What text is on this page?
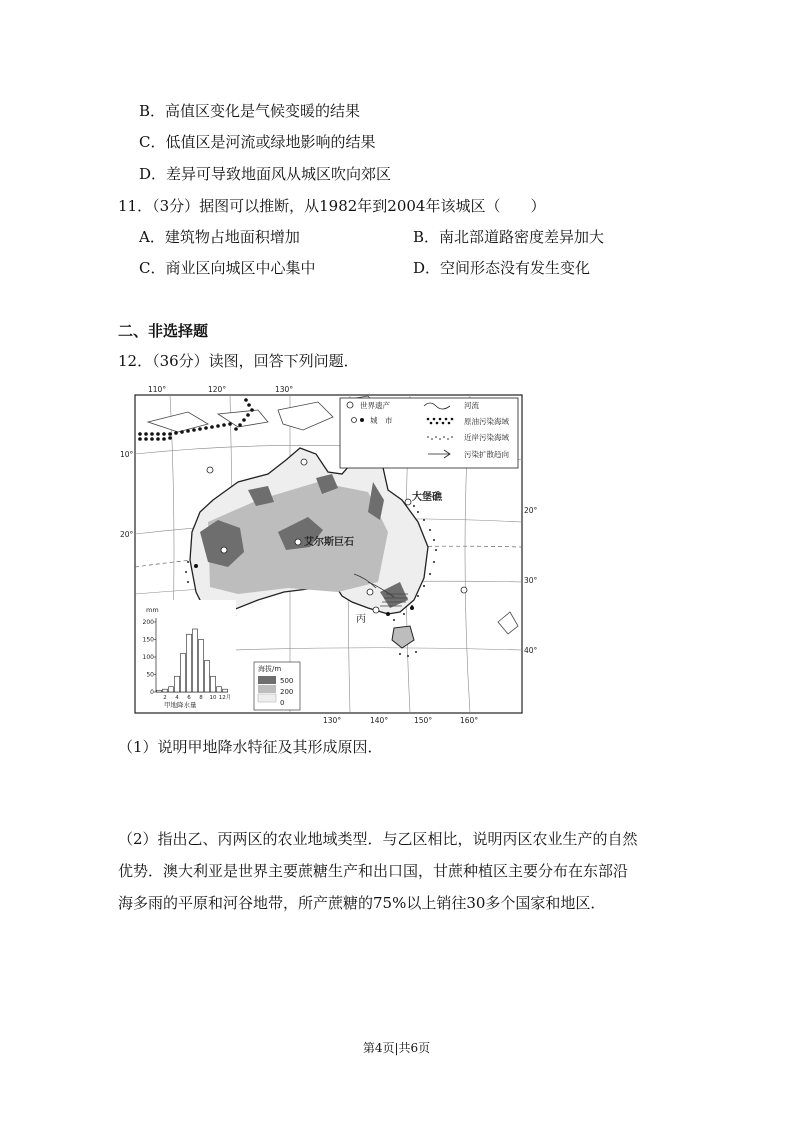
B．高值区变化是气候变暖的结果
C．低值区是河流或绿地影响的结果
D．差异可导致地面风从城区吹向郊区
11．（3分）据图可以推断，从1982年到2004年该城区（　　）
A．建筑物占地面积增加	B．南北部道路密度差异加大
C．商业区向城区中心集中	D．空间形态没有发生变化
二、非选择题
12．（36分）读图，回答下列问题．
大堡礁
艾尔斯巨石
丙
世界遗产
城　市
河流
原油污染海域
近岸污染海域
污染扩散趋向
110°	120°	130°
130°	140°	150°	160°
10°
20°
20°
30°
40°
海拔/m
500
200
0
mm
200
150
100
50
0
2 4 6 8 10 12月
甲地降水量
（1）说明甲地降水特征及其形成原因．
（2）指出乙、丙两区的农业地域类型．与乙区相比，说明丙区农业生产的自然
优势．澳大利亚是世界主要蔗糖生产和出口国，甘蔗种植区主要分布在东部沿
海多雨的平原和河谷地带，所产蔗糖的75%以上销往30多个国家和地区．
第4页|共6页
